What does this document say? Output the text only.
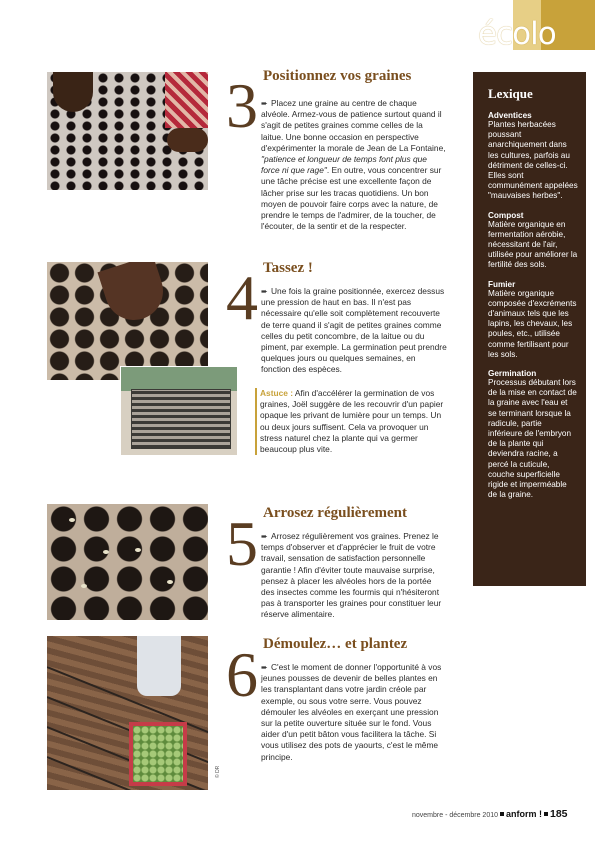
écolo
© DR
3 Positionnez vos graines
➨ Placez une graine au centre de chaque alvéole. Armez-vous de patience surtout quand il s'agit de petites graines comme celles de la laitue. Une bonne occasion en perspective d'expérimenter la morale de Jean de La Fontaine, "patience et longueur de temps font plus que force ni que rage". En outre, vous concentrer sur une tâche précise est une excellente façon de lâcher prise sur les tracas quotidiens. Un bon moyen de pouvoir faire corps avec la nature, de prendre le temps de l'admirer, de la toucher, de l'écouter, de la sentir et de la respecter.
4 Tassez !
➨ Une fois la graine positionnée, exercez dessus une pression de haut en bas. Il n'est pas nécessaire qu'elle soit complètement recouverte de terre quand il s'agit de petites graines comme celles du petit concombre, de la laitue ou du piment, par exemple. La germination peut prendre quelques jours ou quelques semaines, en fonction des espèces.
Astuce : Afin d'accélérer la germination de vos graines, Joël suggère de les recouvrir d'un papier opaque les privant de lumière pour un temps. Un ou deux jours suffisent. Cela va provoquer un stress naturel chez la plante qui va germer beaucoup plus vite.
5 Arrosez régulièrement
➨ Arrosez régulièrement vos graines. Prenez le temps d'observer et d'apprécier le fruit de votre travail, sensation de satisfaction personnelle garantie ! Afin d'éviter toute mauvaise surprise, pensez à placer les alvéoles hors de la portée des insectes comme les fourmis qui n'hésiteront pas à transporter les graines pour constituer leur réserve alimentaire.
6 Démoulez… et plantez
➨ C'est le moment de donner l'opportunité à vos jeunes pousses de devenir de belles plantes en les transplantant dans votre jardin créole par exemple, ou sous votre serre. Vous pouvez démouler les alvéoles en exerçant une pression sur la petite ouverture située sur le fond. Vous aider d'un petit bâton vous facilitera la tâche. Si vous utilisez des pots de yaourts, c'est le même principe.
Lexique
Adventices
Plantes herbacées poussant anarchiquement dans les cultures, parfois au détriment de celles-ci. Elles sont communément appelées "mauvaises herbes".
Compost
Matière organique en fermentation aérobie, nécessitant de l'air, utilisée pour améliorer la fertilité des sols.
Fumier
Matière organique composée d'excréments d'animaux tels que les lapins, les chevaux, les poules, etc., utilisée comme fertilisant pour les sols.
Germination
Processus débutant lors de la mise en contact de la graine avec l'eau et se terminant lorsque la radicule, partie inférieure de l'embryon de la plante qui deviendra racine, a percé la cuticule, couche superficielle rigide et imperméable de la graine.
novembre - décembre 2010 anform ! 185
